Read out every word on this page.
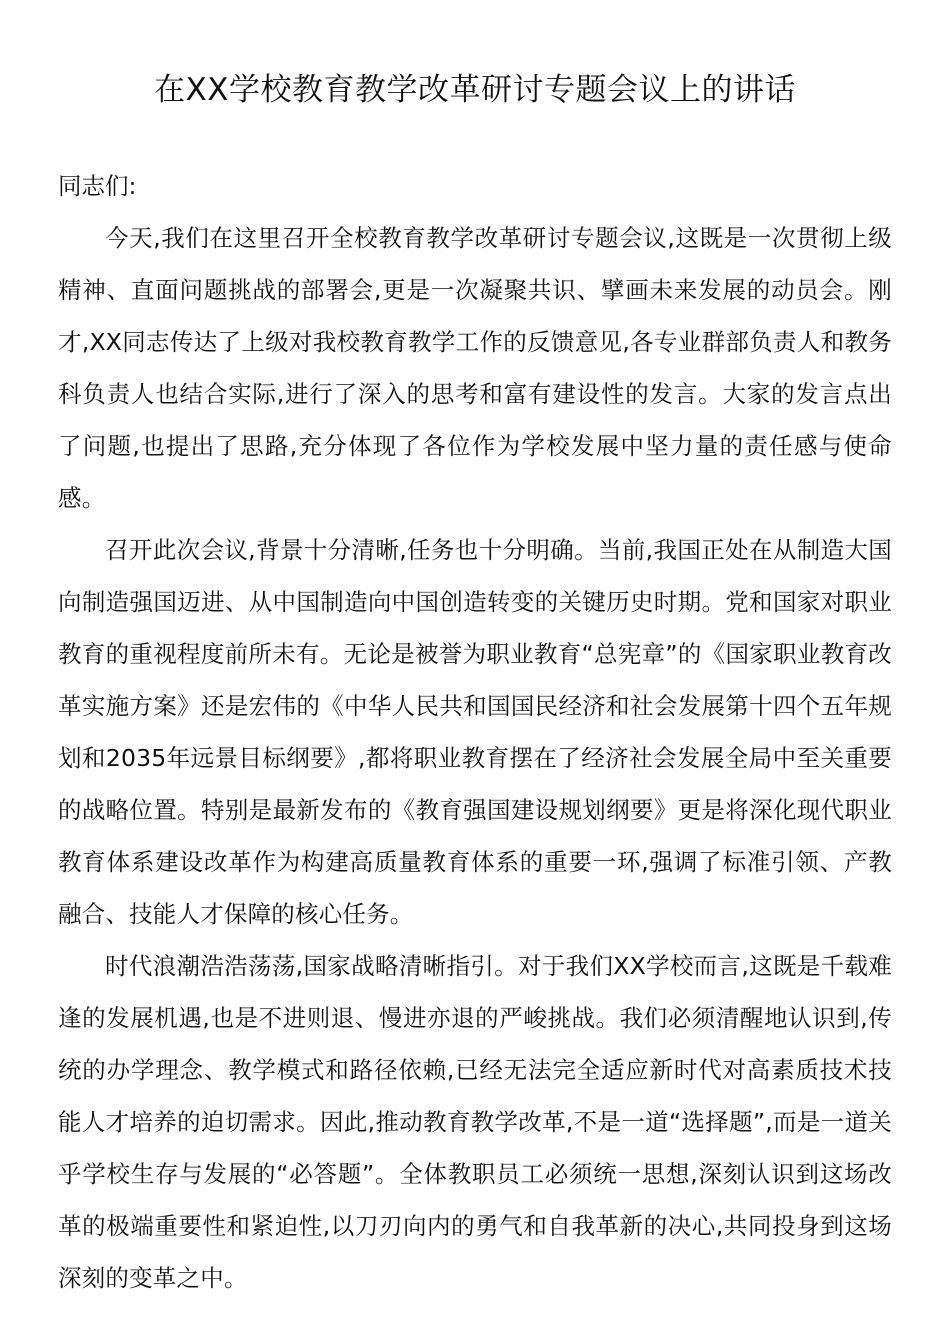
在XX学校教育教学改革研讨专题会议上的讲话

同志们:

今天,我们在这里召开全校教育教学改革研讨专题会议,这既是一次贯彻上级精神、直面问题挑战的部署会,更是一次凝聚共识、擘画未来发展的动员会。刚才,XX同志传达了上级对我校教育教学工作的反馈意见,各专业群部负责人和教务科负责人也结合实际,进行了深入的思考和富有建设性的发言。大家的发言点出了问题,也提出了思路,充分体现了各位作为学校发展中坚力量的责任感与使命感。

召开此次会议,背景十分清晰,任务也十分明确。当前,我国正处在从制造大国向制造强国迈进、从中国制造向中国创造转变的关键历史时期。党和国家对职业教育的重视程度前所未有。无论是被誉为职业教育“总宪章”的《国家职业教育改革实施方案》还是宏伟的《中华人民共和国国民经济和社会发展第十四个五年规划和2035年远景目标纲要》,都将职业教育摆在了经济社会发展全局中至关重要的战略位置。特别是最新发布的《教育强国建设规划纲要》更是将深化现代职业教育体系建设改革作为构建高质量教育体系的重要一环,强调了标准引领、产教融合、技能人才保障的核心任务。

时代浪潮浩浩荡荡,国家战略清晰指引。对于我们XX学校而言,这既是千载难逢的发展机遇,也是不进则退、慢进亦退的严峻挑战。我们必须清醒地认识到,传统的办学理念、教学模式和路径依赖,已经无法完全适应新时代对高素质技术技能人才培养的迫切需求。因此,推动教育教学改革,不是一道“选择题”,而是一道关乎学校生存与发展的“必答题”。全体教职员工必须统一思想,深刻认识到这场改革的极端重要性和紧迫性,以刀刃向内的勇气和自我革新的决心,共同投身到这场深刻的变革之中。
